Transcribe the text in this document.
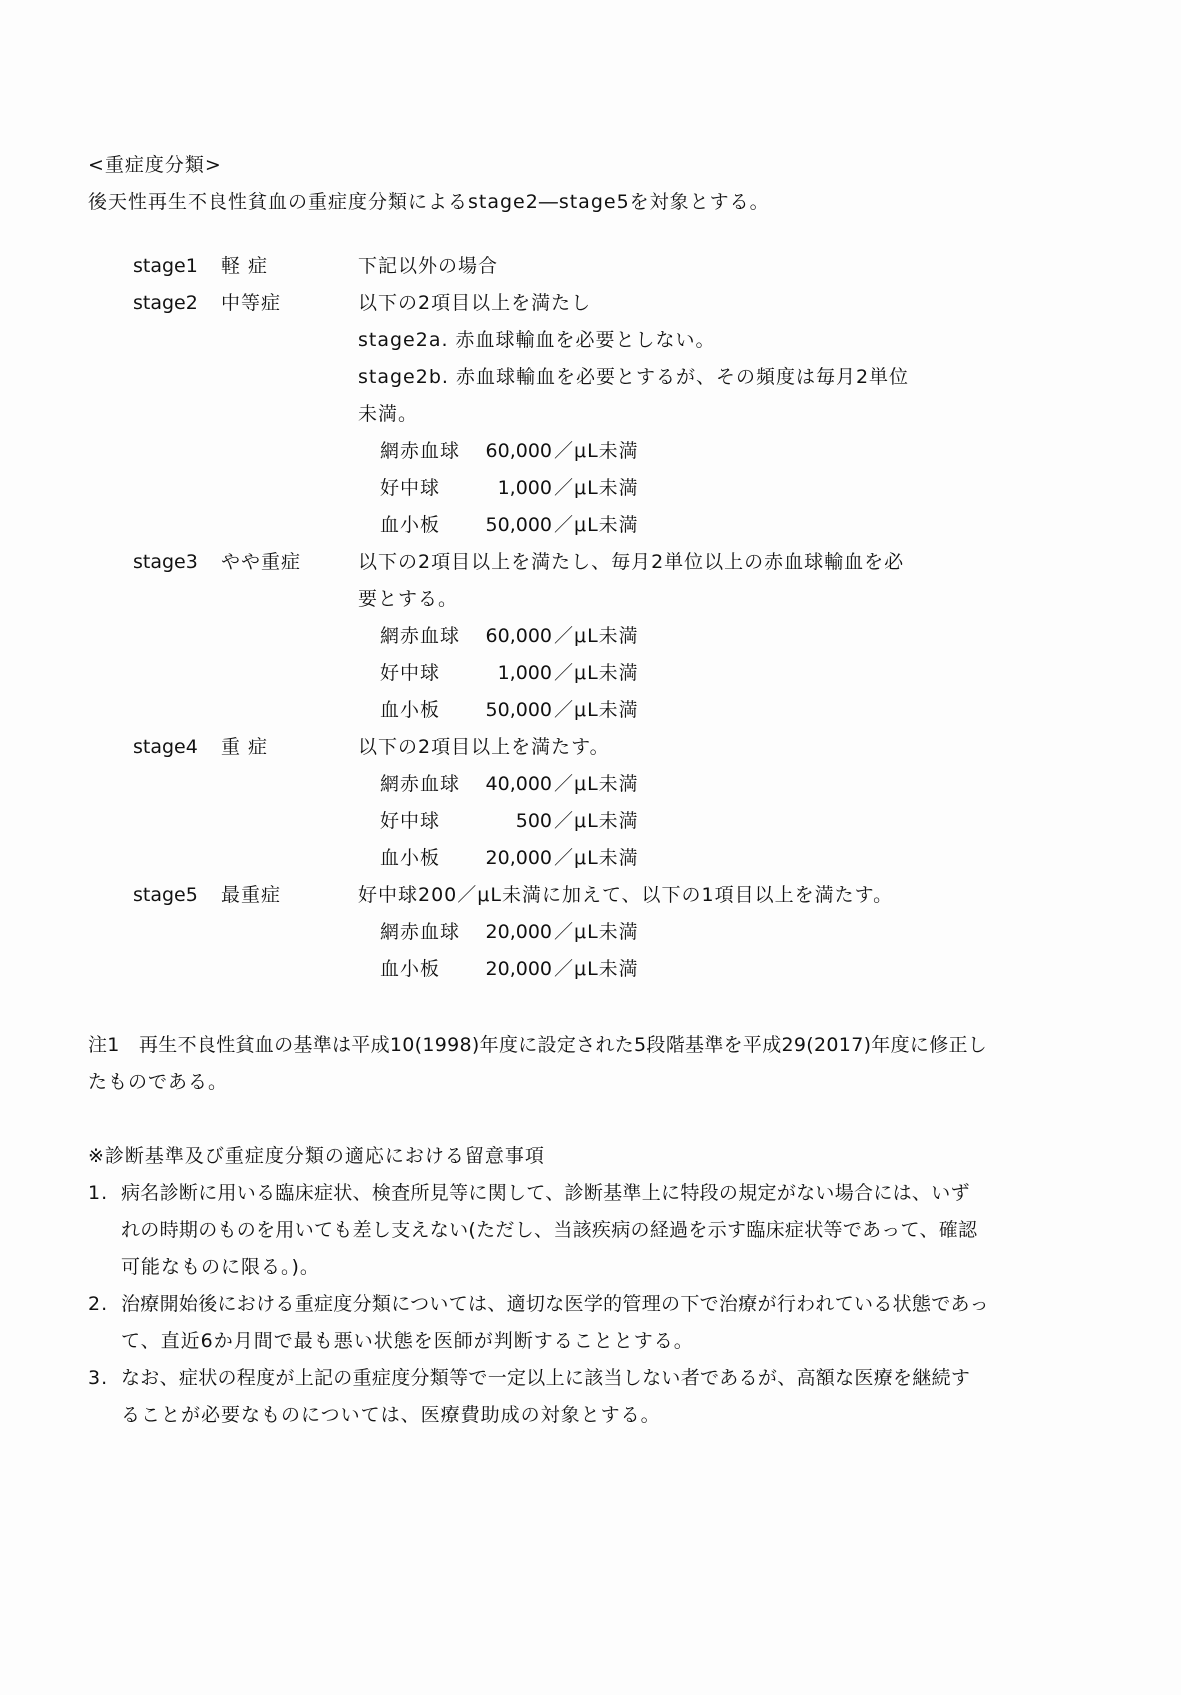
<重症度分類>
後天性再生不良性貧血の重症度分類によるstage2―stage5を対象とする。
stage1 軽 症	下記以外の場合
stage2 中等症	以下の2項目以上を満たし
stage2a. 赤血球輸血を必要としない。
stage2b. 赤血球輸血を必要とするが、その頻度は毎月2単位
未満。
網赤血球	60,000 ／μL未満
好中球	1,000 ／μL未満
血小板	50,000 ／μL未満
stage3 やや重症	以下の2項目以上を満たし、毎月2単位以上の赤血球輸血を必
要とする。
網赤血球	60,000 ／μL未満
好中球	1,000 ／μL未満
血小板	50,000 ／μL未満
stage4 重 症	以下の2項目以上を満たす。
網赤血球	40,000 ／μL未満
好中球	500 ／μL未満
血小板	20,000 ／μL未満
stage5 最重症	好中球200／μL未満に加えて、以下の1項目以上を満たす。
網赤血球	20,000 ／μL未満
血小板	20,000 ／μL未満
注1　再生不良性貧血の基準は平成10(1998)年度に設定された5段階基準を平成29(2017)年度に修正し
たものである。
※診断基準及び重症度分類の適応における留意事項
1. 病名診断に用いる臨床症状、検査所見等に関して、診断基準上に特段の規定がない場合には、いず
れの時期のものを用いても差し支えない(ただし、当該疾病の経過を示す臨床症状等であって、確認
可能なものに限る。)。
2. 治療開始後における重症度分類については、適切な医学的管理の下で治療が行われている状態であっ
て、直近6か月間で最も悪い状態を医師が判断することとする。
3. なお、症状の程度が上記の重症度分類等で一定以上に該当しない者であるが、高額な医療を継続す
ることが必要なものについては、医療費助成の対象とする。
